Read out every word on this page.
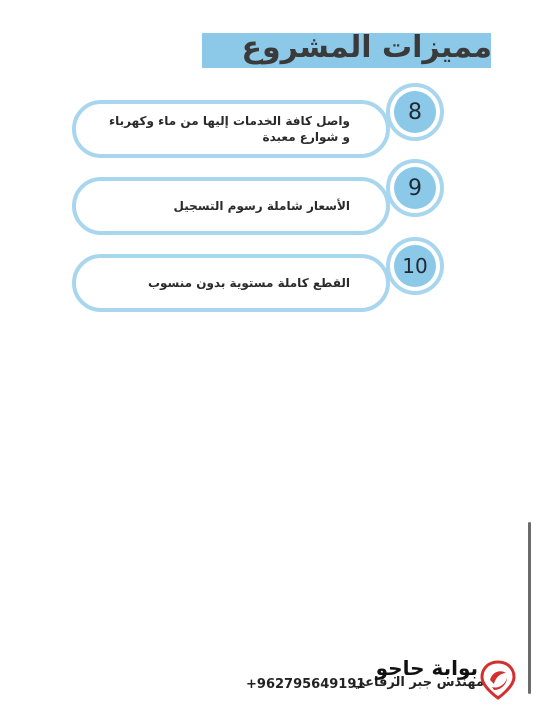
مميزات المشروع
واصل كافة الخدمات إليها من ماء وكهرباء
و شوارع معبدة
8
الأسعار شاملة رسوم التسجيل
9
القطع كاملة مستوية بدون منسوب
10
+962795649191
مهندس جبر الرفاعي
بوابة حاجو
